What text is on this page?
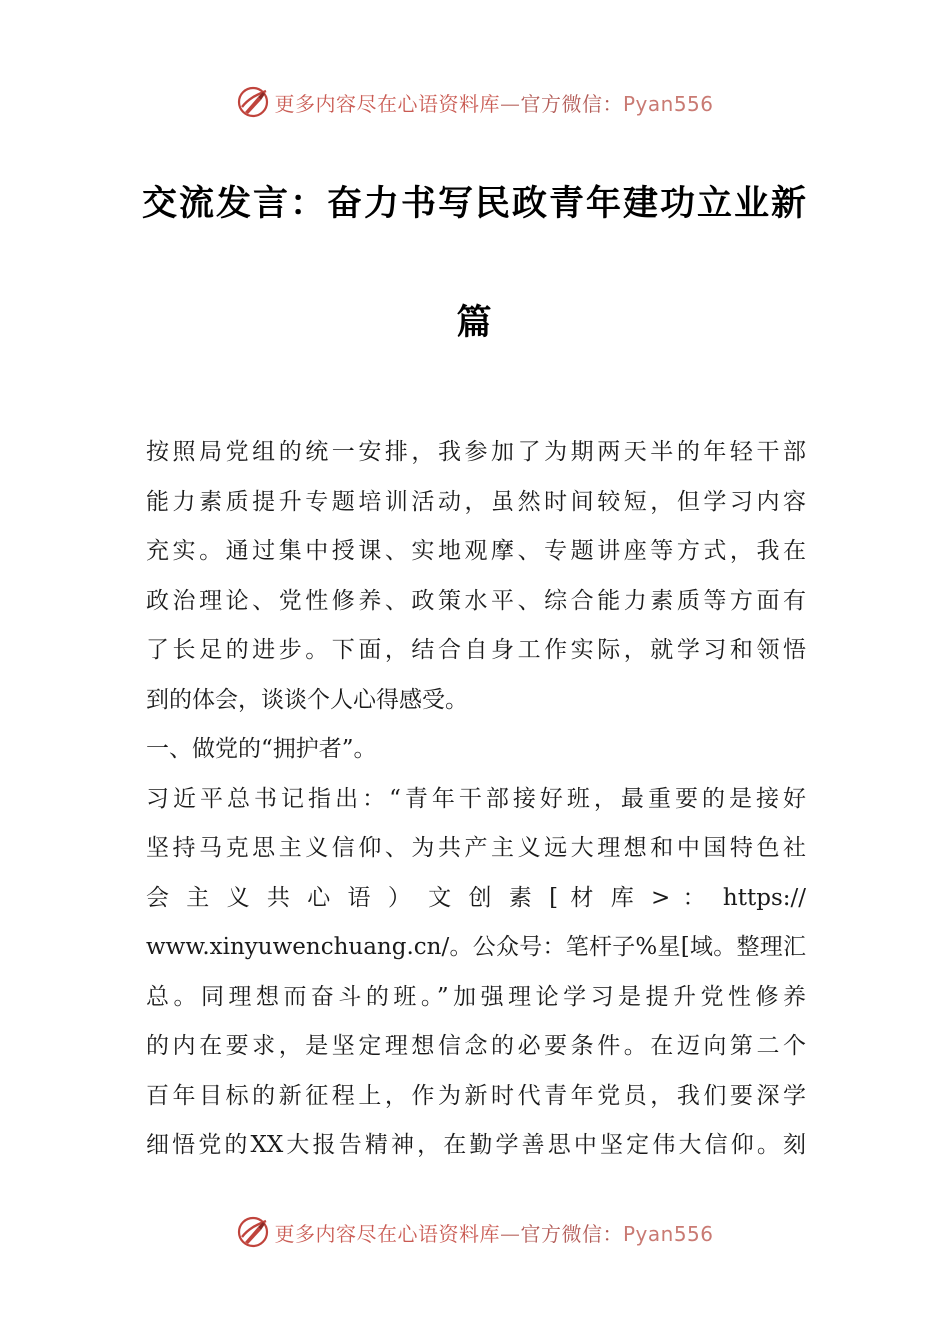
更多内容尽在心语资料库—官方微信：Pyan556
交流发言：奋力书写民政青年建功立业新
篇
按照局党组的统一安排，我参加了为期两天半的年轻干部
能力素质提升专题培训活动，虽然时间较短，但学习内容
充实。通过集中授课、实地观摩、专题讲座等方式，我在
政治理论、党性修养、政策水平、综合能力素质等方面有
了长足的进步。下面，结合自身工作实际，就学习和领悟
到的体会，谈谈个人心得感受。
一、做党的“拥护者”。
习近平总书记指出：“青年干部接好班，最重要的是接好
坚持马克思主义信仰、为共产主义远大理想和中国特色社
会 主 义 共 心 语 ） 文 创 素 [ 材 库 > ： https://
www.xinyuwenchuang.cn/。公众号：笔杆子%星[域。整理汇
总。同理想而奋斗的班。”加强理论学习是提升党性修养
的内在要求，是坚定理想信念的必要条件。在迈向第二个
百年目标的新征程上，作为新时代青年党员，我们要深学
细悟党的XX大报告精神，在勤学善思中坚定伟大信仰。刻
更多内容尽在心语资料库—官方微信：Pyan556
